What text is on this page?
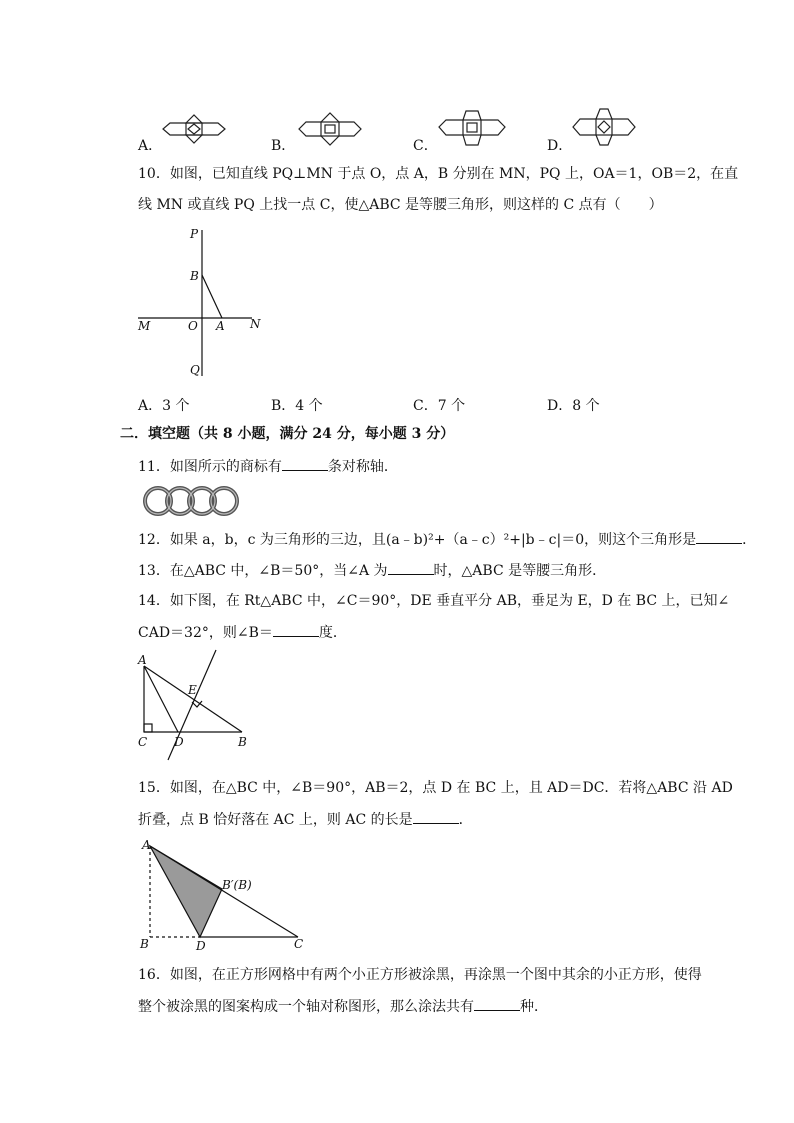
A．	B．	C．	D．
10．如图，已知直线 PQ⊥MN 于点 O，点 A，B 分别在 MN，PQ 上，OA＝1，OB＝2，在直
线 MN 或直线 PQ 上找一点 C，使△ABC 是等腰三角形，则这样的 C 点有（　　）
P
B
M	O A N
Q
A．3 个	B．4 个	C．7 个	D．8 个
二．填空题（共 8 小题，满分 24 分，每小题 3 分）
11．如图所示的商标有	条对称轴．
12．如果 a，b，c 为三角形的三边，且(a﹣b)²+（a﹣c）²+|b﹣c|＝0，则这个三角形是	．
13．在△ABC 中，∠B＝50°，当∠A 为	时，△ABC 是等腰三角形．
14．如下图，在 Rt△ABC 中，∠C＝90°，DE 垂直平分 AB，垂足为 E，D 在 BC 上，已知∠
CAD＝32°，则∠B＝	度．
A
E
C D	B
15．如图，在△BC 中，∠B＝90°，AB＝2，点 D 在 BC 上，且 AD＝DC．若将△ABC 沿 AD
折叠，点 B 恰好落在 AC 上，则 AC 的长是	．
A
B′(B)
B	D	C
16．如图，在正方形网格中有两个小正方形被涂黑，再涂黑一个图中其余的小正方形，使得
整个被涂黑的图案构成一个轴对称图形，那么涂法共有	种．
